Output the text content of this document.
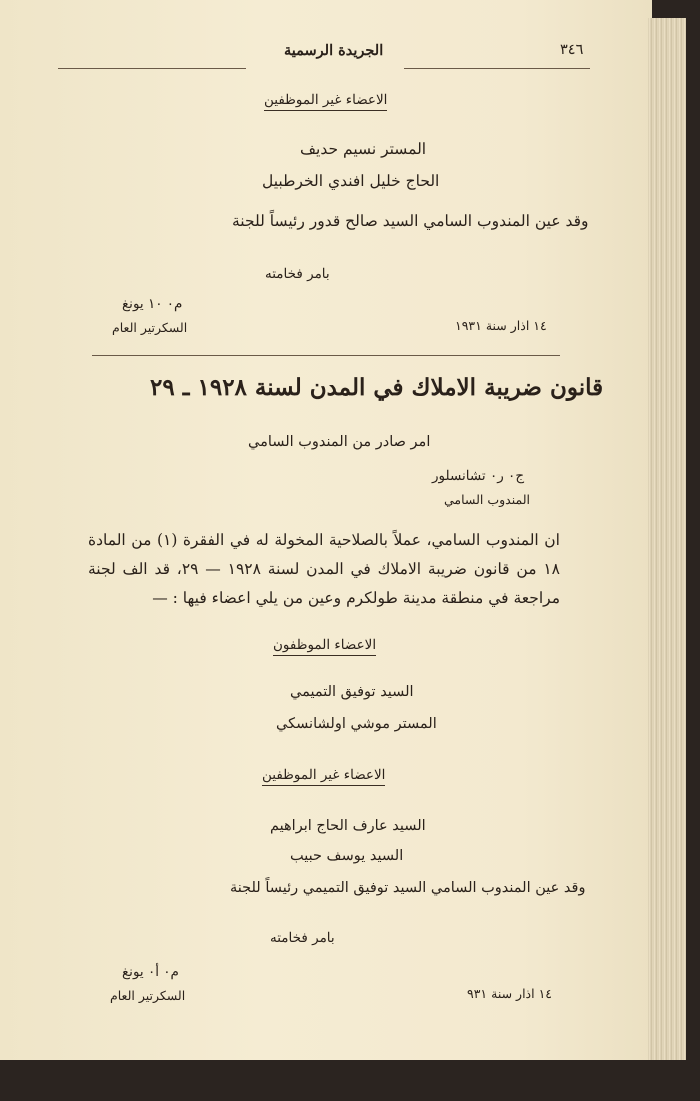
٣٤٦
الجريدة الرسمية
الاعضاء غير الموظفين
المستر نسيم حديف
الحاج خليل افندي الخرطبيل
وقد عين المندوب السامي السيد صالح قدور رئيساً للجنة
بامر فخامته
م٠ ١٠ يونغ
السكرتير العام	١٤ اذار سنة ١٩٣١
قانون ضريبة الاملاك في المدن لسنة ١٩٢٨ ـ ٢٩
امر صادر من المندوب السامي
ج٠ ر٠ تشانسلور
المندوب السامي
ان المندوب السامي، عملاً بالصلاحية المخولة له في الفقرة (١) من المادة ١٨ من قانون ضريبة الاملاك في المدن لسنة ١٩٢٨ — ٢٩، قد الف لجنة مراجعة في منطقة مدينة طولكرم وعين من يلي اعضاء فيها : —
الاعضاء الموظفون
السيد توفيق التميمي
المستر موشي اولشانسكي
الاعضاء غير الموظفين
السيد عارف الحاج ابراهيم
السيد يوسف حبيب
وقد عين المندوب السامي السيد توفيق التميمي رئيساً للجنة
بامر فخامته
م٠ أ٠ يونغ
السكرتير العام	١٤ اذار سنة ٩٣١
